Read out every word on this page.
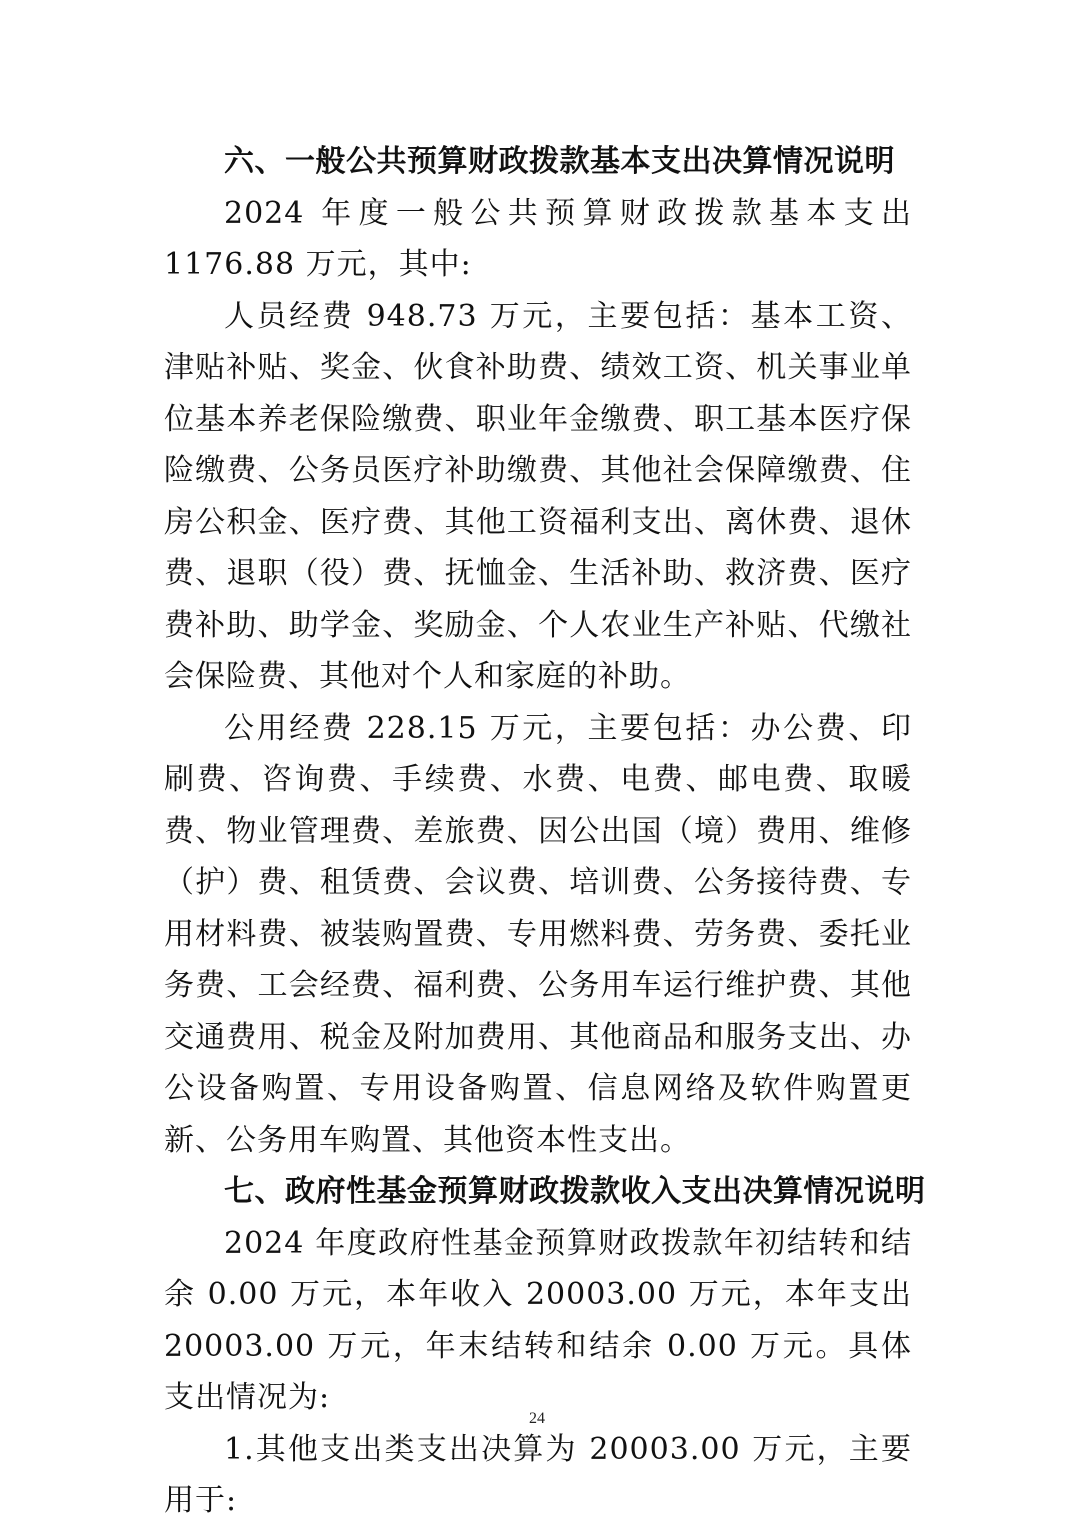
六、一般公共预算财政拨款基本支出决算情况说明

2024 年度一般公共预算财政拨款基本支出 1176.88 万元，其中:

人员经费 948.73 万元，主要包括：基本工资、津贴补贴、奖金、伙食补助费、绩效工资、机关事业单位基本养老保险缴费、职业年金缴费、职工基本医疗保险缴费、公务员医疗补助缴费、其他社会保障缴费、住房公积金、医疗费、其他工资福利支出、离休费、退休费、退职（役）费、抚恤金、生活补助、救济费、医疗费补助、助学金、奖励金、个人农业生产补贴、代缴社会保险费、其他对个人和家庭的补助。

公用经费 228.15 万元，主要包括：办公费、印刷费、咨询费、手续费、水费、电费、邮电费、取暖费、物业管理费、差旅费、因公出国（境）费用、维修（护）费、租赁费、会议费、培训费、公务接待费、专用材料费、被装购置费、专用燃料费、劳务费、委托业务费、工会经费、福利费、公务用车运行维护费、其他交通费用、税金及附加费用、其他商品和服务支出、办公设备购置、专用设备购置、信息网络及软件购置更新、公务用车购置、其他资本性支出。

七、政府性基金预算财政拨款收入支出决算情况说明

2024 年度政府性基金预算财政拨款年初结转和结余 0.00 万元，本年收入 20003.00 万元，本年支出 20003.00 万元，年末结转和结余 0.00 万元。具体支出情况为:

1.其他支出类支出决算为 20003.00 万元，主要用于:

24
